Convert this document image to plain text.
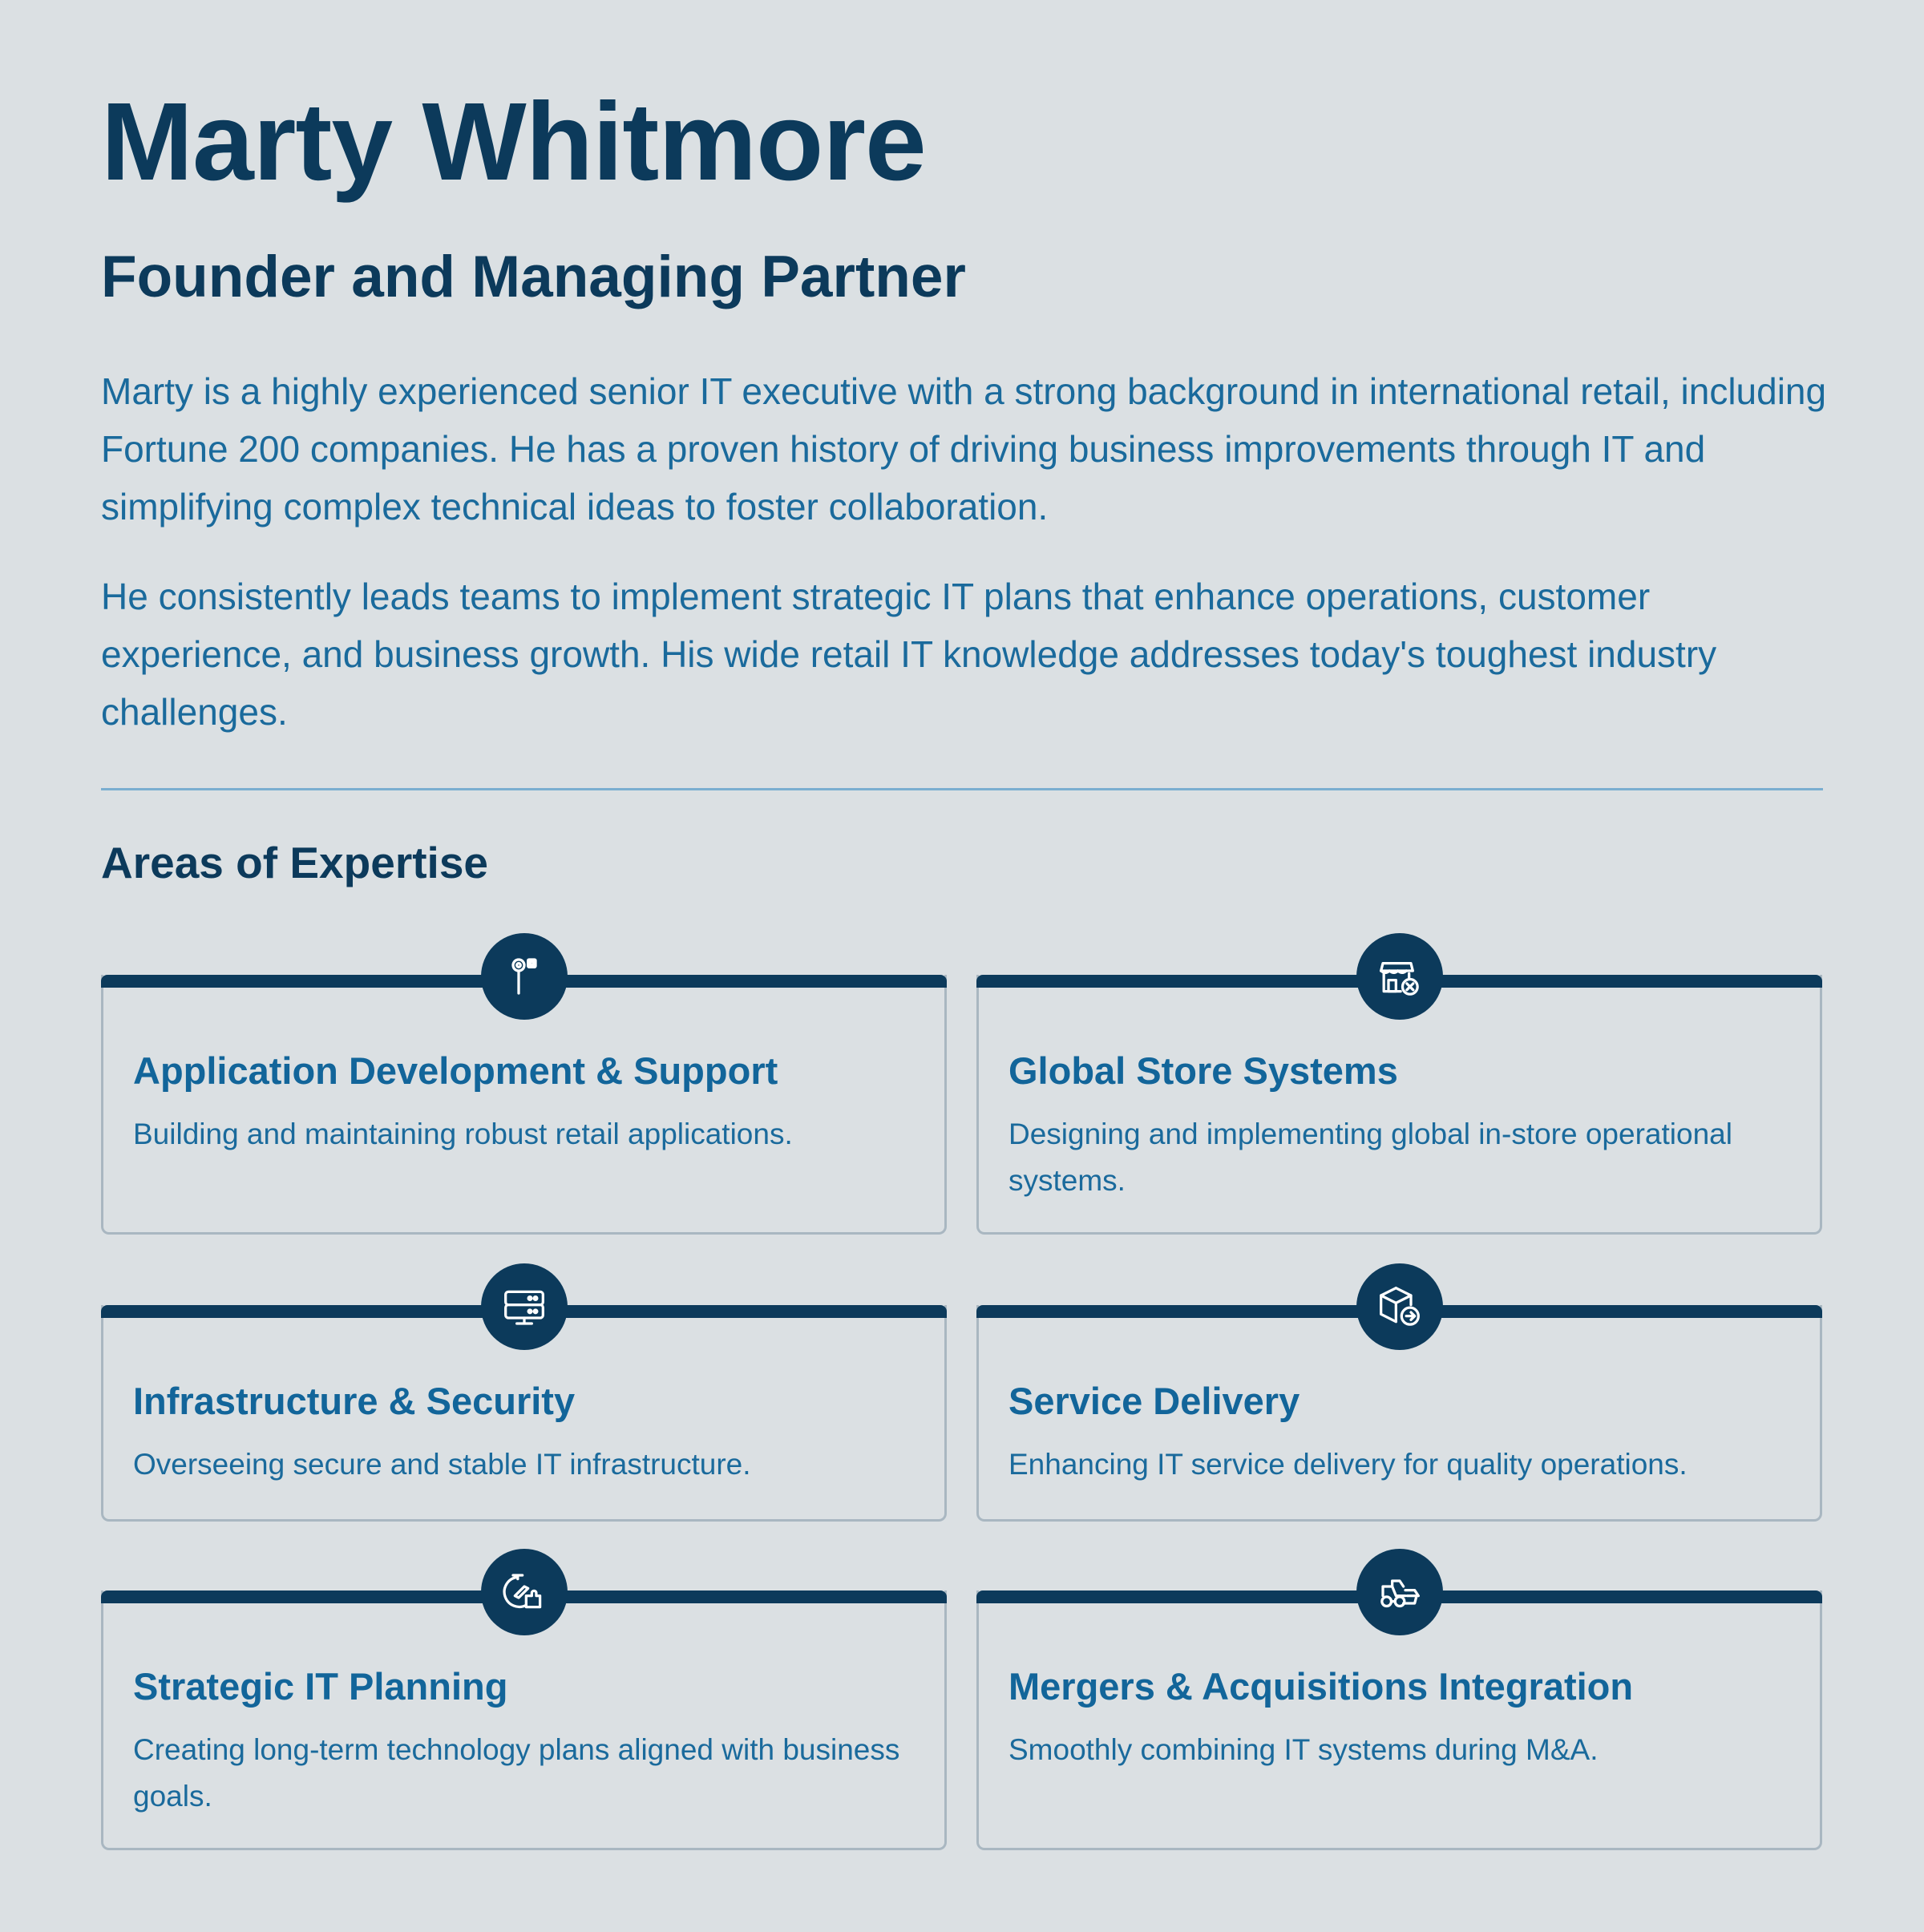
Marty Whitmore
Founder and Managing Partner

Marty is a highly experienced senior IT executive with a strong background in international retail, including Fortune 200 companies. He has a proven history of driving business improvements through IT and simplifying complex technical ideas to foster collaboration.

He consistently leads teams to implement strategic IT plans that enhance operations, customer experience, and business growth. His wide retail IT knowledge addresses today's toughest industry challenges.

Areas of Expertise
Application Development & Support
Building and maintaining robust retail applications.
Global Store Systems
Designing and implementing global in-store operational systems.
Infrastructure & Security
Overseeing secure and stable IT infrastructure.
Service Delivery
Enhancing IT service delivery for quality operations.
Strategic IT Planning
Creating long-term technology plans aligned with business goals.
Mergers & Acquisitions Integration
Smoothly combining IT systems during M&A.
